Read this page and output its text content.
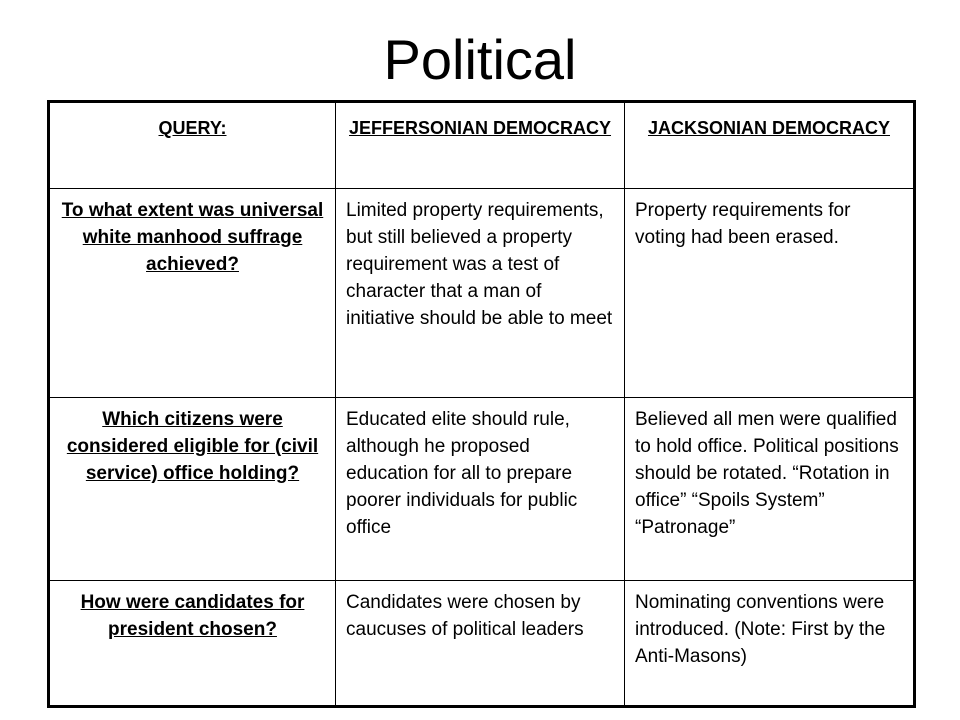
Political
QUERY:	JEFFERSONIAN DEMOCRACY	JACKSONIAN DEMOCRACY
To what extent was universal white manhood suffrage achieved?	Limited property requirements, but still believed a property requirement was a test of character that a man of initiative should be able to meet	Property requirements for voting had been erased.
Which citizens were considered eligible for (civil service) office holding?	Educated elite should rule, although he proposed education for all to prepare poorer individuals for public office	Believed all men were qualified to hold office. Political positions should be rotated. “Rotation in office” “Spoils System” “Patronage”
How were candidates for president chosen?	Candidates were chosen by caucuses of political leaders	Nominating conventions were introduced. (Note: First by the Anti-Masons)
